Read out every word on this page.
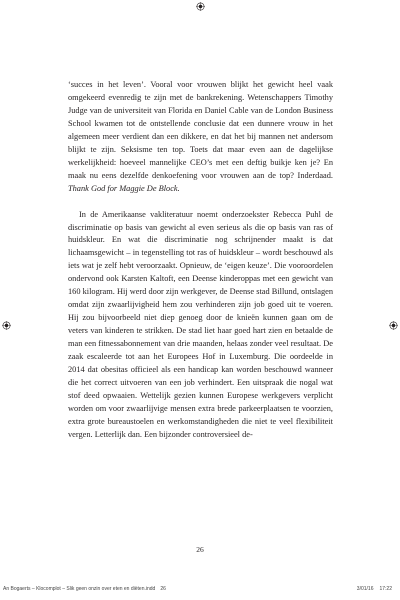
‘succes in het leven’. Vooral voor vrouwen blijkt het gewicht heel vaak omgekeerd evenredig te zijn met de bankrekening. Wetenschappers Timothy Judge van de universiteit van Florida en Daniel Cable van de London Business School kwamen tot de ontstellende conclusie dat een dunnere vrouw in het algemeen meer verdient dan een dikkere, en dat het bij mannen net andersom blijkt te zijn. Seksisme ten top. Toets dat maar even aan de dagelijkse werkelijkheid: hoeveel mannelijke CEO’s met een deftig buikje ken je? En maak nu eens dezelfde denkoefening voor vrouwen aan de top? Inderdaad. Thank God for Maggie De Block.

In de Amerikaanse vakliteratuur noemt onderzoekster Rebecca Puhl de discriminatie op basis van gewicht al even serieus als die op basis van ras of huidskleur. En wat die discriminatie nog schrijnender maakt is dat lichaamsgewicht – in tegenstelling tot ras of huidskleur – wordt beschouwd als iets wat je zelf hebt veroorzaakt. Opnieuw, de ‘eigen keuze’. Die vooroordelen ondervond ook Karsten Kaltoft, een Deense kinderoppas met een gewicht van 160 kilogram. Hij werd door zijn werkgever, de Deense stad Billund, ontslagen omdat zijn zwaarlijvigheid hem zou verhinderen zijn job goed uit te voeren. Hij zou bijvoorbeeld niet diep genoeg door de knieën kunnen gaan om de veters van kinderen te strikken. De stad liet haar goed hart zien en betaalde de man een fitnessabonnement van drie maanden, helaas zonder veel resultaat. De zaak escaleerde tot aan het Europees Hof in Luxemburg. Die oordeelde in 2014 dat obesitas officieel als een handicap kan worden beschouwd wanneer die het correct uitvoeren van een job verhindert. Een uitspraak die nogal wat stof deed opwaaien. Wettelijk gezien kunnen Europese werkgevers verplicht worden om voor zwaarlijvige mensen extra brede parkeerplaatsen te voorzien, extra grote bureaustoelen en werkomstandigheden die niet te veel flexibiliteit vergen. Letterlijk dan. Een bijzonder controversieel de-

26
An Bogaerts – Klocomplot – Slik geen onzin over eten en diëten.indd 26	3/01/16 17:22
